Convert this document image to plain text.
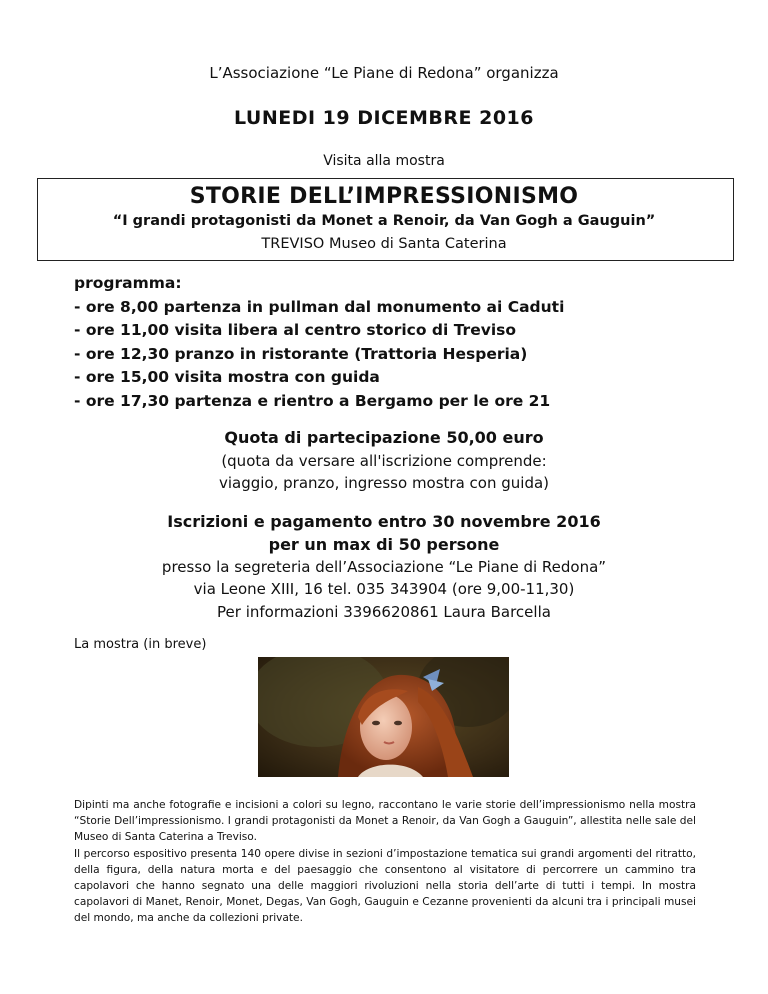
L’Associazione “Le Piane di Redona” organizza
LUNEDI 19 DICEMBRE 2016
Visita alla mostra
STORIE DELL’IMPRESSIONISMO
“I grandi protagonisti da Monet a Renoir, da Van Gogh a Gauguin”
TREVISO Museo di Santa Caterina
programma:
- ore 8,00 partenza in pullman dal monumento ai Caduti
- ore 11,00 visita libera al centro storico di Treviso
- ore 12,30 pranzo in ristorante (Trattoria Hesperia)
- ore 15,00 visita mostra con guida
- ore 17,30 partenza e rientro a Bergamo per le ore 21
Quota di partecipazione 50,00 euro
(quota da versare all'iscrizione comprende:
viaggio, pranzo, ingresso mostra con guida)
Iscrizioni e pagamento entro 30 novembre 2016
per un max di 50 persone
presso la segreteria dell’Associazione “Le Piane di Redona”
via Leone XIII, 16 tel. 035 343904 (ore 9,00-11,30)
Per informazioni 3396620861 Laura Barcella
La mostra (in breve)
Dipinti ma anche fotografie e incisioni a colori su legno, raccontano le varie storie dell’impressionismo nella mostra “Storie Dell’impressionismo. I grandi protagonisti da Monet a Renoir, da Van Gogh a Gauguin”, allestita nelle sale del Museo di Santa Caterina a Treviso.
Il percorso espositivo presenta 140 opere divise in sezioni d’impostazione tematica sui grandi argomenti del ritratto, della figura, della natura morta e del paesaggio che consentono al visitatore di percorrere un cammino tra capolavori che hanno segnato una delle maggiori rivoluzioni nella storia dell’arte di tutti i tempi. In mostra capolavori di Manet, Renoir, Monet, Degas, Van Gogh, Gauguin e Cezanne provenienti da alcuni tra i principali musei del mondo, ma anche da collezioni private.
